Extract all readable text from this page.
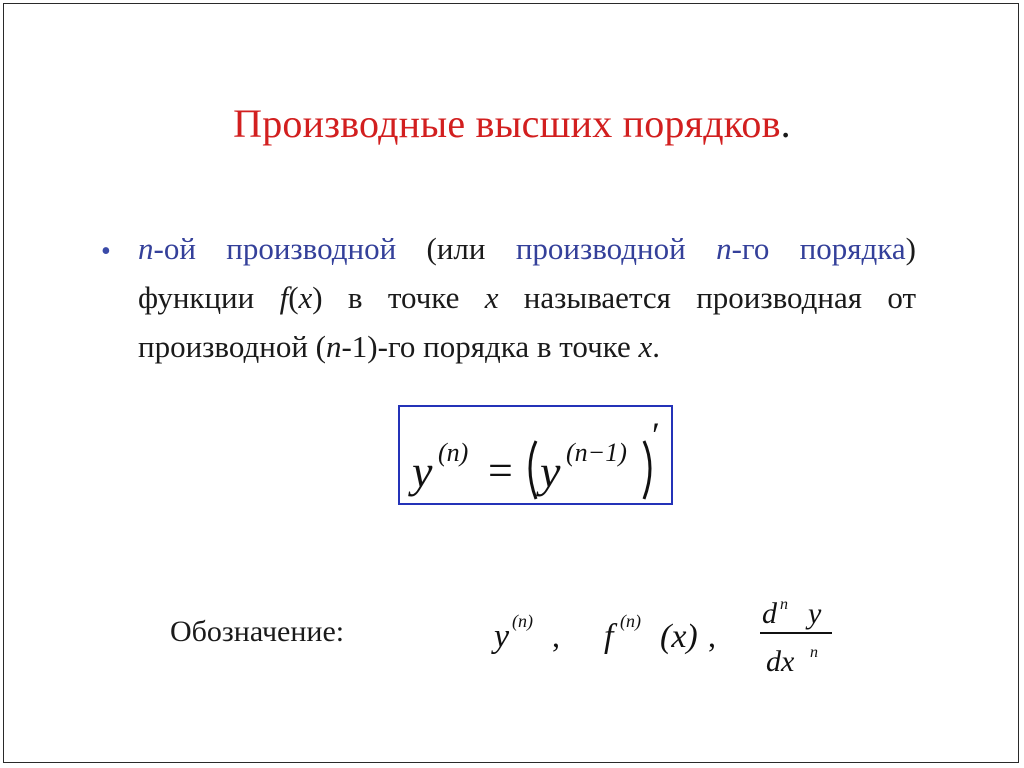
Производные высших порядков.
• n-ой производной (или производной n-го порядка) функции f(x) в точке x называется производная от производной (n-1)-го порядка в точке x.
y (n) = y (n−1) ′
Обозначение:	y (n) , f (n) (x) ,
d n y
dx n
